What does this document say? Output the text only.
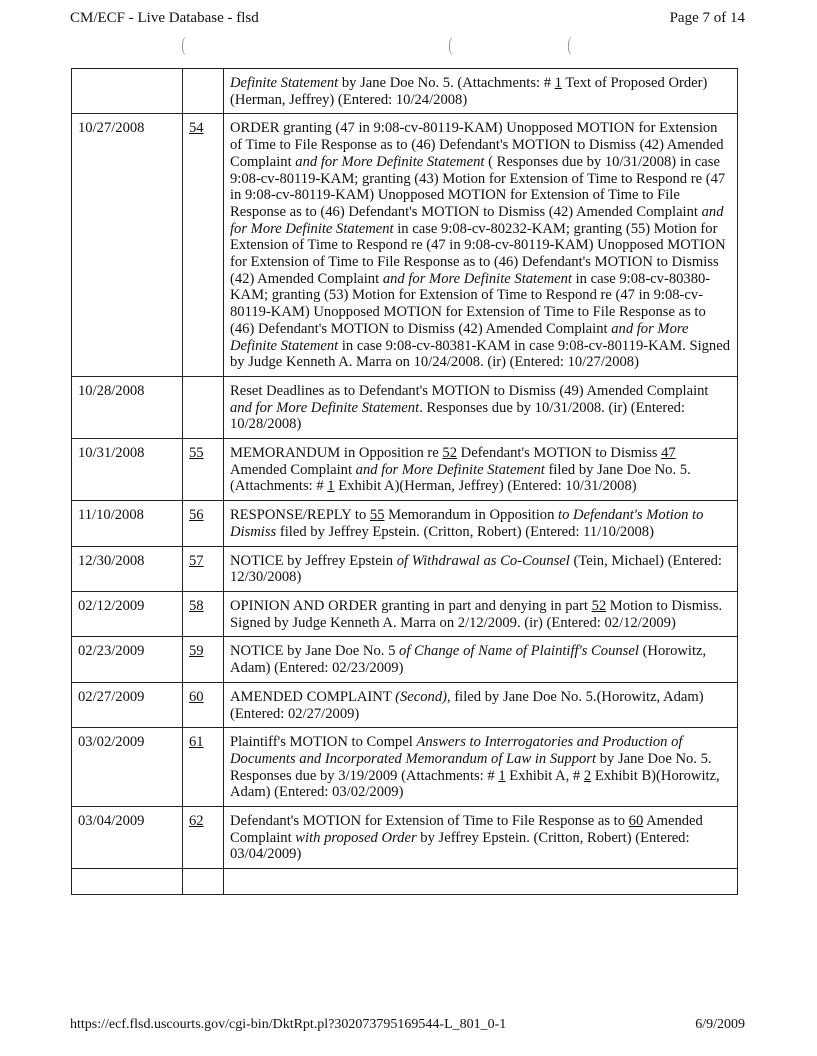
CM/ECF - Live Database - flsd	Page 7 of 14
(	(	(
		Definite Statement by Jane Doe No. 5. (Attachments: # 1 Text of Proposed Order)(Herman, Jeffrey) (Entered: 10/24/2008)
10/27/2008	54	ORDER granting (47 in 9:08-cv-80119-KAM) Unopposed MOTION for Extension of Time to File Response as to (46) Defendant's MOTION to Dismiss (42) Amended Complaint and for More Definite Statement ( Responses due by 10/31/2008) in case 9:08-cv-80119-KAM; granting (43) Motion for Extension of Time to Respond re (47 in 9:08-cv-80119-KAM) Unopposed MOTION for Extension of Time to File Response as to (46) Defendant's MOTION to Dismiss (42) Amended Complaint and for More Definite Statement in case 9:08-cv-80232-KAM; granting (55) Motion for Extension of Time to Respond re (47 in 9:08-cv-80119-KAM) Unopposed MOTION for Extension of Time to File Response as to (46) Defendant's MOTION to Dismiss (42) Amended Complaint and for More Definite Statement in case 9:08-cv-80380-KAM; granting (53) Motion for Extension of Time to Respond re (47 in 9:08-cv-80119-KAM) Unopposed MOTION for Extension of Time to File Response as to (46) Defendant's MOTION to Dismiss (42) Amended Complaint and for More Definite Statement in case 9:08-cv-80381-KAM in case 9:08-cv-80119-KAM. Signed by Judge Kenneth A. Marra on 10/24/2008. (ir) (Entered: 10/27/2008)
10/28/2008		Reset Deadlines as to Defendant's MOTION to Dismiss (49) Amended Complaint and for More Definite Statement. Responses due by 10/31/2008. (ir) (Entered: 10/28/2008)
10/31/2008	55	MEMORANDUM in Opposition re 52 Defendant's MOTION to Dismiss 47 Amended Complaint and for More Definite Statement filed by Jane Doe No. 5. (Attachments: # 1 Exhibit A)(Herman, Jeffrey) (Entered: 10/31/2008)
11/10/2008	56	RESPONSE/REPLY to 55 Memorandum in Opposition to Defendant's Motion to Dismiss filed by Jeffrey Epstein. (Critton, Robert) (Entered: 11/10/2008)
12/30/2008	57	NOTICE by Jeffrey Epstein of Withdrawal as Co-Counsel (Tein, Michael) (Entered: 12/30/2008)
02/12/2009	58	OPINION AND ORDER granting in part and denying in part 52 Motion to Dismiss. Signed by Judge Kenneth A. Marra on 2/12/2009. (ir) (Entered: 02/12/2009)
02/23/2009	59	NOTICE by Jane Doe No. 5 of Change of Name of Plaintiff's Counsel (Horowitz, Adam) (Entered: 02/23/2009)
02/27/2009	60	AMENDED COMPLAINT (Second), filed by Jane Doe No. 5.(Horowitz, Adam) (Entered: 02/27/2009)
03/02/2009	61	Plaintiff's MOTION to Compel Answers to Interrogatories and Production of Documents and Incorporated Memorandum of Law in Support by Jane Doe No. 5. Responses due by 3/19/2009 (Attachments: # 1 Exhibit A, # 2 Exhibit B)(Horowitz, Adam) (Entered: 03/02/2009)
03/04/2009	62	Defendant's MOTION for Extension of Time to File Response as to 60 Amended Complaint with proposed Order by Jeffrey Epstein. (Critton, Robert) (Entered: 03/04/2009)

https://ecf.flsd.uscourts.gov/cgi-bin/DktRpt.pl?302073795169544-L_801_0-1	6/9/2009
